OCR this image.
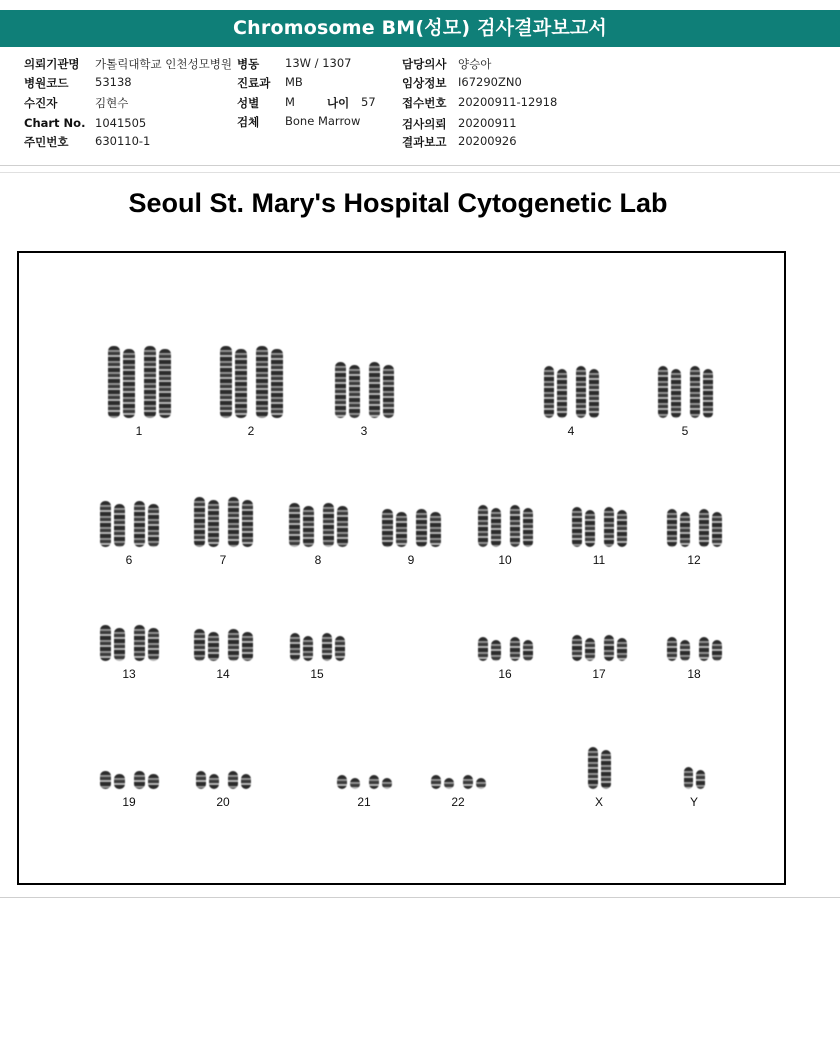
Chromosome BM(성모) 검사결과보고서
의뢰기관명 가톨릭대학교 인천성모병원 병동 13W / 1307	담당의사 양승아
병원코드 53138	진료과 MB	임상정보 I67290ZN0
수진자	김현수	성별 M	나이 57 접수번호 20200911-12918
Chart No. 1041505	검체 Bone Marrow	검사의뢰 20200911
주민번호 630110-1	결과보고 20200926
Seoul St. Mary's Hospital Cytogenetic Lab
1	2	3	4	5
6	7	8	9	10	11	12
13	14	15	16	17	18
19	20	21	22	X	Y
